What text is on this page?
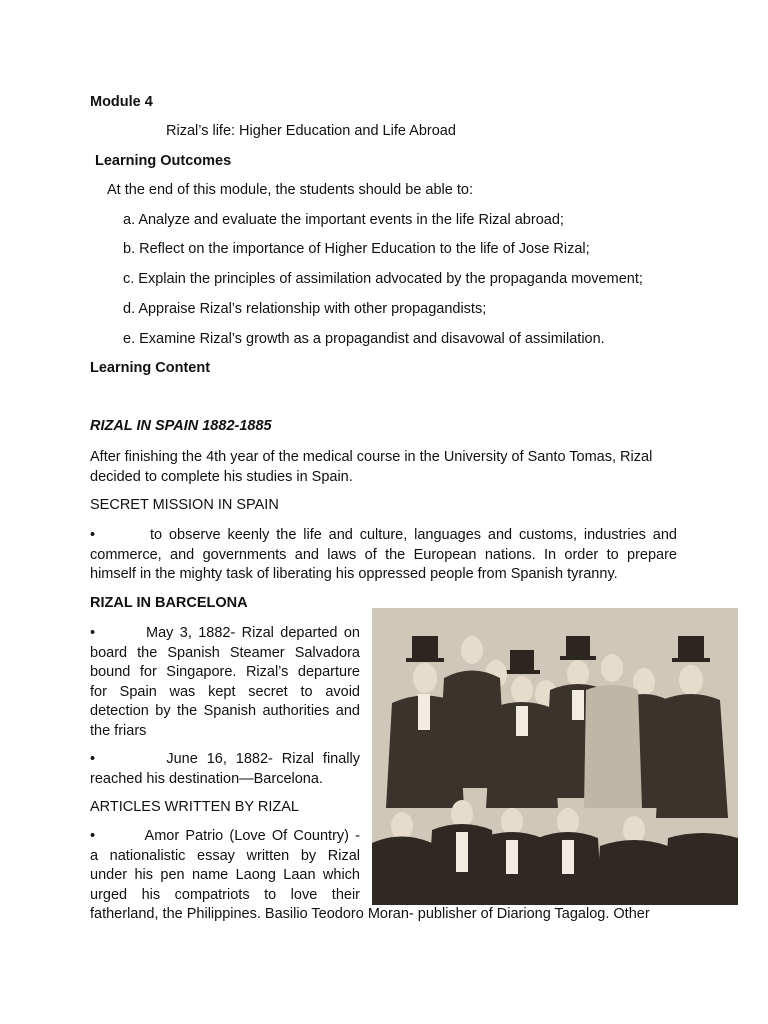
Module 4
Rizal’s life: Higher Education and Life Abroad
Learning Outcomes
At the end of this module, the students should be able to:
a. Analyze and evaluate the important events in the life Rizal abroad;
b. Reflect on the importance of Higher Education to the life of Jose Rizal;
c. Explain the principles of assimilation advocated by the propaganda movement;
d. Appraise Rizal’s relationship with other propagandists;
e. Examine Rizal’s growth as a propagandist and disavowal of assimilation.
Learning Content
RIZAL IN SPAIN 1882-1885
After finishing the 4th year of the medical course in the University of Santo Tomas, Rizal
decided to complete his studies in Spain.
SECRET MISSION IN SPAIN
•        to observe keenly the life and culture, languages and customs, industries and
commerce, and governments and laws of the European nations. In order to prepare
himself in the mighty task of liberating his oppressed people from Spanish tyranny.
RIZAL IN BARCELONA
•        May 3, 1882- Rizal departed on
board the Spanish Steamer Salvadora
bound for Singapore. Rizal’s departure
for Spain was kept secret to avoid
detection by the Spanish authorities and
the friars
•        June 16, 1882- Rizal finally
reached his destination—Barcelona.
ARTICLES WRITTEN BY RIZAL
•        Amor Patrio (Love Of Country) -
a nationalistic essay written by Rizal
under his pen name Laong Laan which
urged his compatriots to love their
fatherland, the Philippines. Basilio Teodoro Moran- publisher of Diariong Tagalog. Other
